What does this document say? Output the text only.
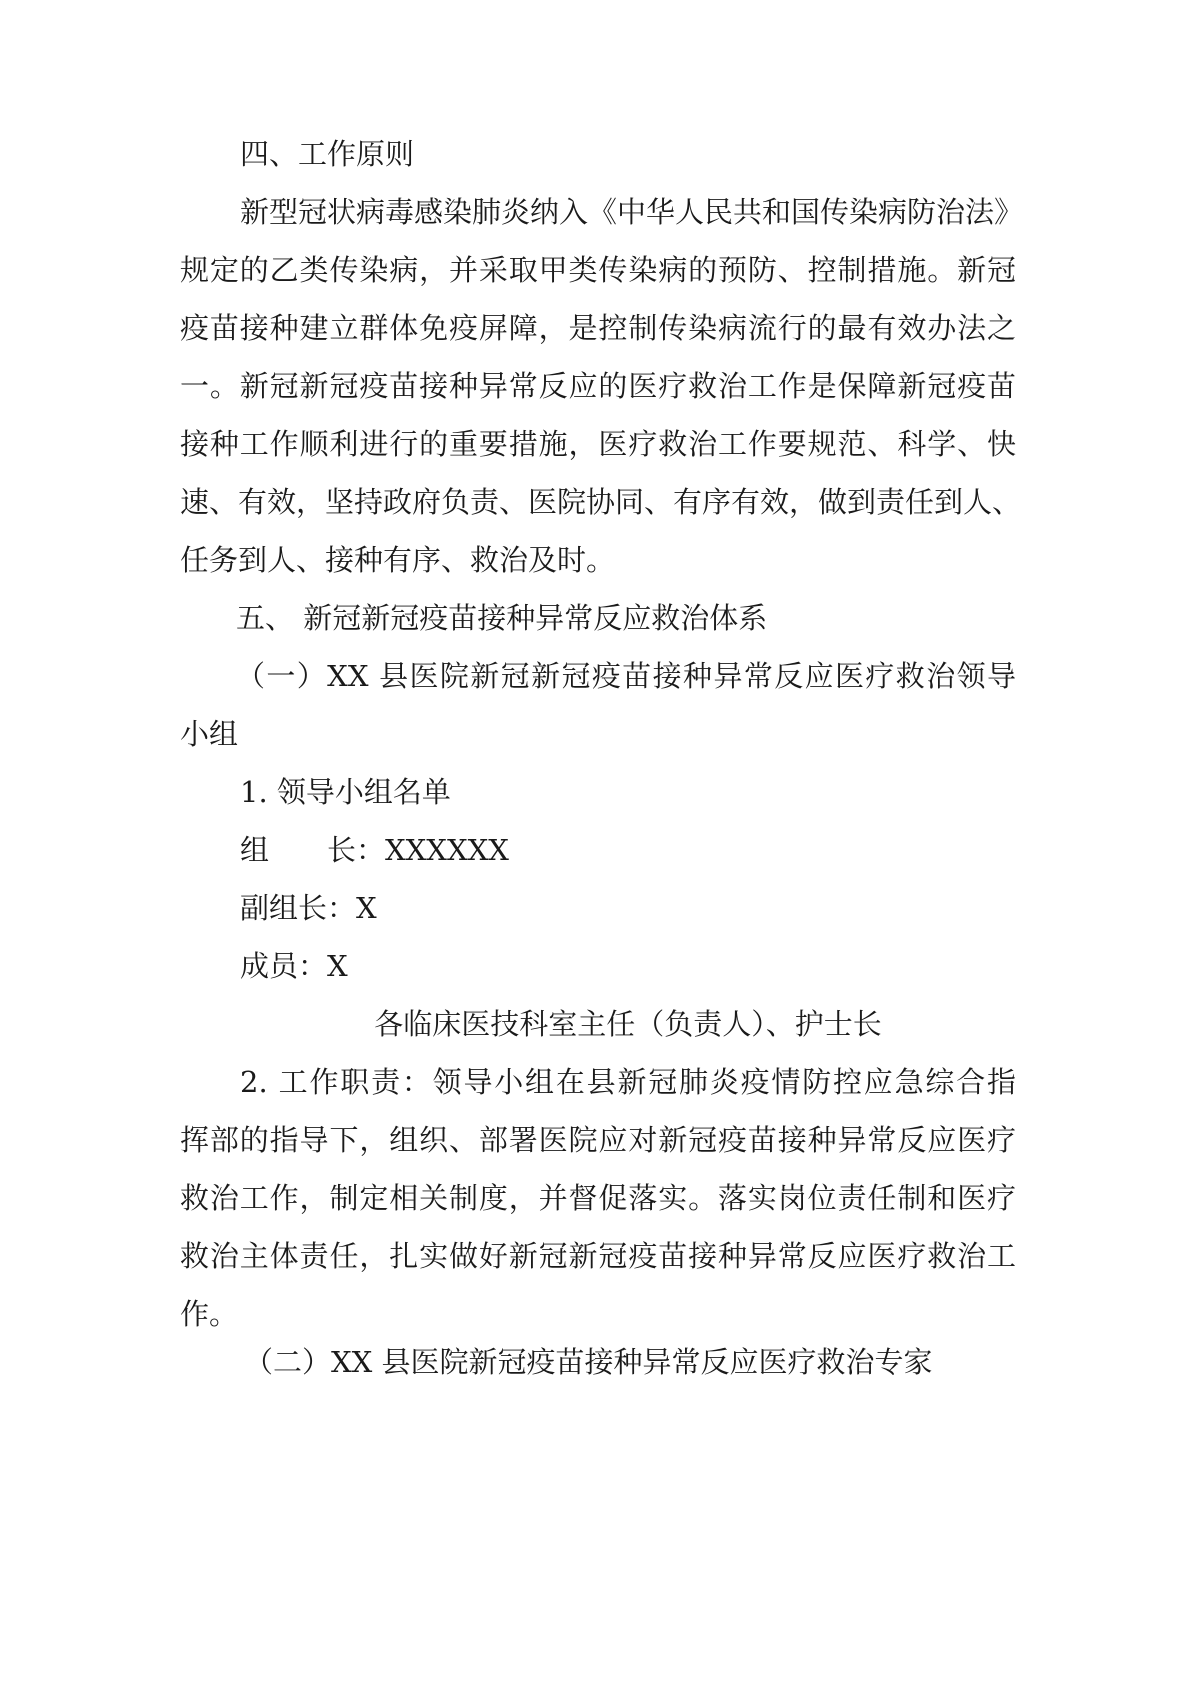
四、工作原则
新型冠状病毒感染肺炎纳入《中华人民共和国传染病防治法》
规定的乙类传染病，并采取甲类传染病的预防、控制措施。新冠
疫苗接种建立群体免疫屏障，是控制传染病流行的最有效办法之
一。新冠新冠疫苗接种异常反应的医疗救治工作是保障新冠疫苗
接种工作顺利进行的重要措施，医疗救治工作要规范、科学、快
速、有效，坚持政府负责、医院协同、有序有效，做到责任到人、
任务到人、接种有序、救治及时。
五、 新冠新冠疫苗接种异常反应救治体系
（一）XX 县医院新冠新冠疫苗接种异常反应医疗救治领导
小组
1. 领导小组名单
组 长：XXXXXX
副组长：X
成员：X
各临床医技科室主任（负责人）、护士长
2. 工作职责：领导小组在县新冠肺炎疫情防控应急综合指
挥部的指导下，组织、部署医院应对新冠疫苗接种异常反应医疗
救治工作，制定相关制度，并督促落实。落实岗位责任制和医疗
救治主体责任，扎实做好新冠新冠疫苗接种异常反应医疗救治工
作。
（二）XX 县医院新冠疫苗接种异常反应医疗救治专家
